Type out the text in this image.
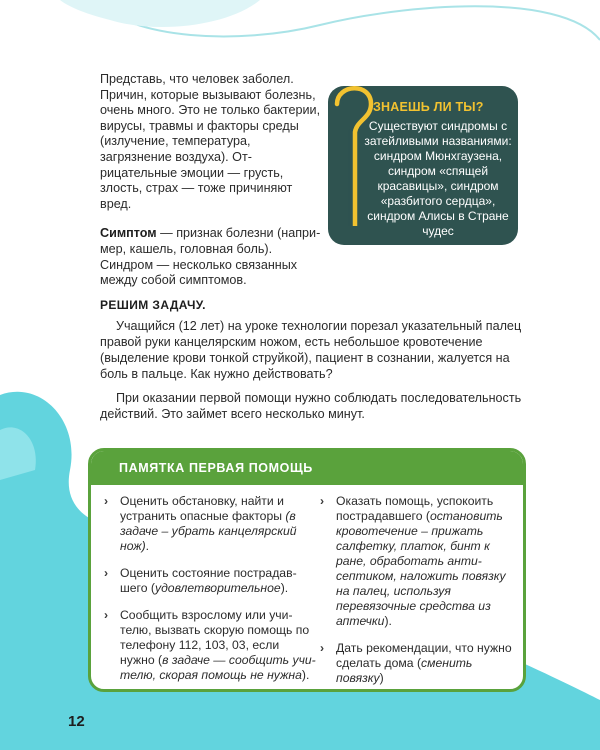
Представь, что человек заболел. Причин, которые вызывают болезнь, очень много. Это не только бактерии, вирусы, травмы и факторы среды (излучение, температура, загрязнение воздуха). Отрицательные эмоции — грусть, злость, страх — тоже причиняют вред.

Симптом — признак болезни (например, кашель, головная боль). Синдром — несколько связанных между собой симптомов.

ЗНАЕШЬ ЛИ ТЫ?
Существуют синдромы с затейливыми названиями: синдром Мюнхгаузена, синдром «спящей красавицы», синдром «разбитого сердца», синдром Алисы в Стране чудес
РЕШИМ ЗАДАЧУ.
Учащийся (12 лет) на уроке технологии порезал указательный палец правой руки канцелярским ножом, есть небольшое кровотечение (выделение крови тонкой струйкой), пациент в сознании, жалуется на боль в пальце. Как нужно действовать?
При оказании первой помощи нужно соблюдать последовательность действий. Это займет всего несколько минут.
ПАМЯТКА ПЕРВАЯ ПОМОЩЬ
› Оценить обстановку, найти и устранить опасные факторы (в задаче – убрать канцелярский нож).
› Оценить состояние пострадавшего (удовлетворительное).
› Сообщить взрослому или учителю, вызвать скорую помощь по телефону 112, 103, 03, если нужно (в задаче — сообщить учителю, скорая помощь не нужна).
› Оказать помощь, успокоить пострадавшего (остановить кровотечение – прижать салфетку, платок, бинт к ране, обработать антисептиком, наложить повязку на палец, используя перевязочные средства из аптечки).
› Дать рекомендации, что нужно сделать дома (сменить повязку)
12
